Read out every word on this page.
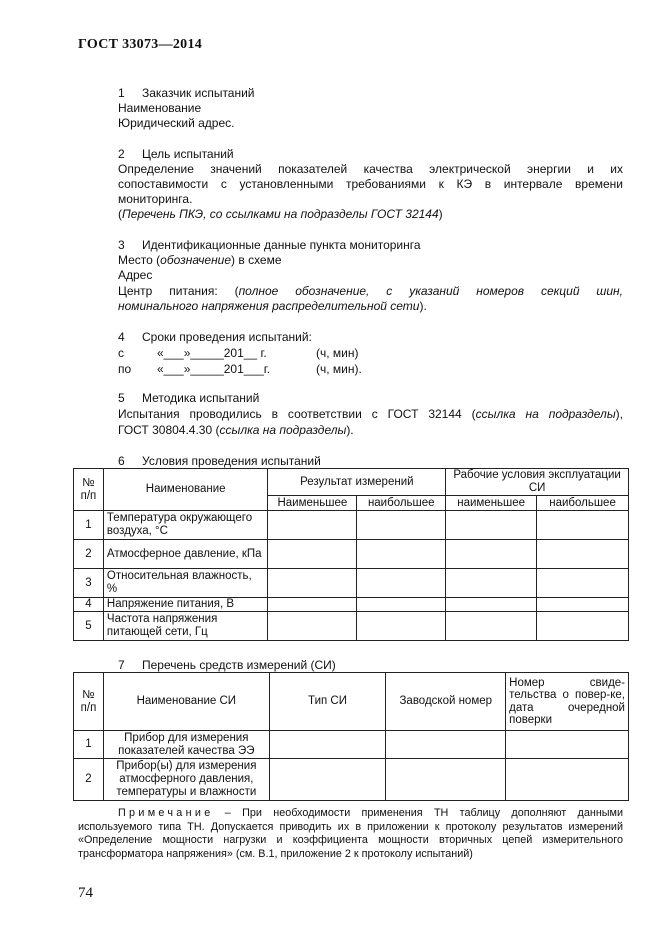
ГОСТ 33073—2014
1 Заказчик испытаний
Наименование
Юридический адрес.
2 Цель испытаний
Определение значений показателей качества электрической энергии и их
сопоставимости с установленными требованиями к КЭ в интервале времени
мониторинга.
(Перечень ПКЭ, со ссылками на подразделы ГОСТ 32144)
3 Идентификационные данные пункта мониторинга
Место (обозначение) в схеме
Адрес
Центр питания: (полное обозначение, с указаний номеров секций шин,
номинального напряжения распределительной сети).
4 Сроки проведения испытаний:
с	«___»_____201__ г.	(ч, мин)
по «___»_____201___г.	(ч, мин).
5 Методика испытаний
Испытания проводились в соответствии с ГОСТ 32144 (ссылка на подразделы),
ГОСТ 30804.4.30 (ссылка на подразделы).
6 Условия проведения испытаний
№ п/п	Наименование	Результат измерений		Рабочие условия эксплуатации СИ	
		Наименьшее	наибольшее	наименьшее	наибольшее
1	Температура окружающего воздуха, °С				
2	Атмосферное давление, кПа				
3	Относительная влажность, %				
4	Напряжение питания, В				
5	Частота напряжения питающей сети, Гц				
7 Перечень средств измерений (СИ)
№ п/п	Наименование СИ	Тип СИ	Заводской номер	Номер свиде-тельства о повер-ке, дата очередной поверки
1	Прибор для измерения показателей качества ЭЭ			
2	Прибор(ы) для измерения атмосферного давления, температуры и влажности			

Примечание – При необходимости применения ТН таблицу дополняют данными

используемого типа ТН. Допускается приводить их в приложении к протоколу результатов измерений

«Определение мощности нагрузки и коэффициента мощности вторичных цепей измерительного

трансформатора напряжения» (см. В.1, приложение 2 к протоколу испытаний)

74
